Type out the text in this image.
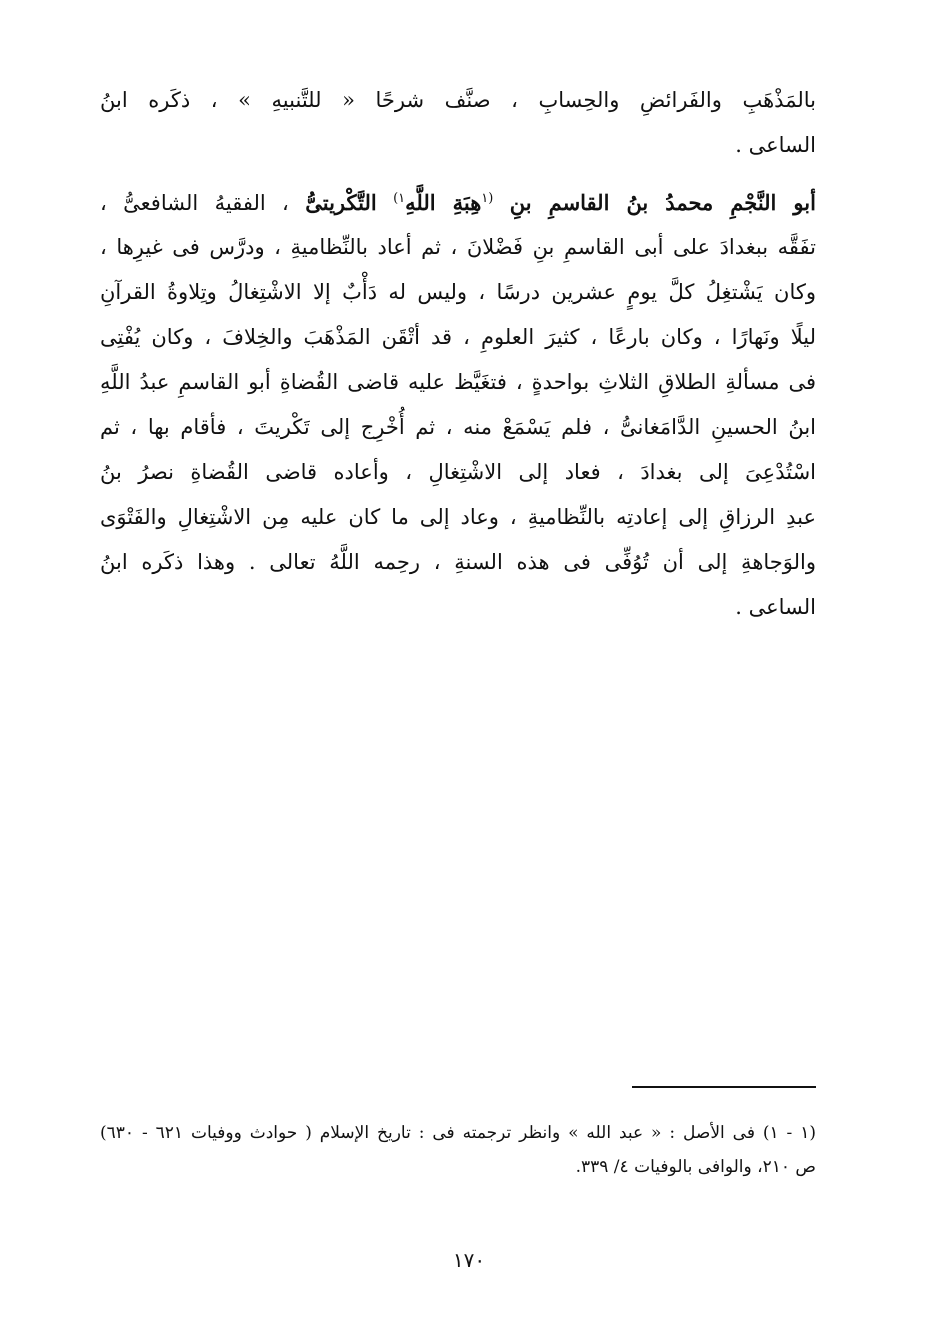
بالمَذْهَبِ والفَرائضِ والحِسابِ ، صنَّف شرحًا « للتَّنبيهِ » ، ذكَره ابنُ
الساعى .
أبو النَّجْمِ محمدُ بنُ القاسمِ بنِ $^{(١}$هِبَةِ اللَّهِ$^{١)}$ التَّكْريتىُّ ، الفقيهُ الشافعىُّ ،
تفَقَّه ببغدادَ على أبى القاسمِ بنِ فَضْلانَ ، ثم أعاد بالنِّظاميةِ ، ودرَّس فى غيرِها ،
وكان يَشْتغِلُ كلَّ يومٍ عشرين درسًا ، وليس له دَأْبٌ إلا الاشْتِغالُ وتِلاوةُ القرآنِ
ليلًا ونَهارًا ، وكان بارعًا ، كثيرَ العلومِ ، قد أتْقَن المَذْهَبَ والخِلافَ ، وكان يُفْتِى
فى مسألةِ الطلاقِ الثلاثِ بواحدةٍ ، فتغَيَّظ عليه قاضى القُضاةِ أبو القاسمِ عبدُ اللَّهِ
ابنُ الحسينِ الدَّامَغانىُّ ، فلم يَسْمَعْ منه ، ثم أُخْرِج إلى تَكْريتَ ، فأقام بها ، ثم
اسْتُدْعِىَ إلى بغدادَ ، فعاد إلى الاشْتِغالِ ، وأعاده قاضى القُضاةِ نصرُ بنُ
عبدِ الرزاقِ إلى إعادتِه بالنِّظاميةِ ، وعاد إلى ما كان عليه مِن الاشْتِغالِ والفَتْوَى
والوَجاهةِ إلى أن تُوُفِّى فى هذه السنةِ ، رحِمه اللَّهُ تعالى . وهذا ذكَره ابنُ
الساعى .
(١ - ١) فى الأصل : « عبد الله » وانظر ترجمته فى : تاريخ الإسلام ( حوادث ووفيات ٦٢١ - ٦٣٠)
ص ٢١٠، والوافى بالوفيات ٤/ ٣٣٩.
١٧٠
